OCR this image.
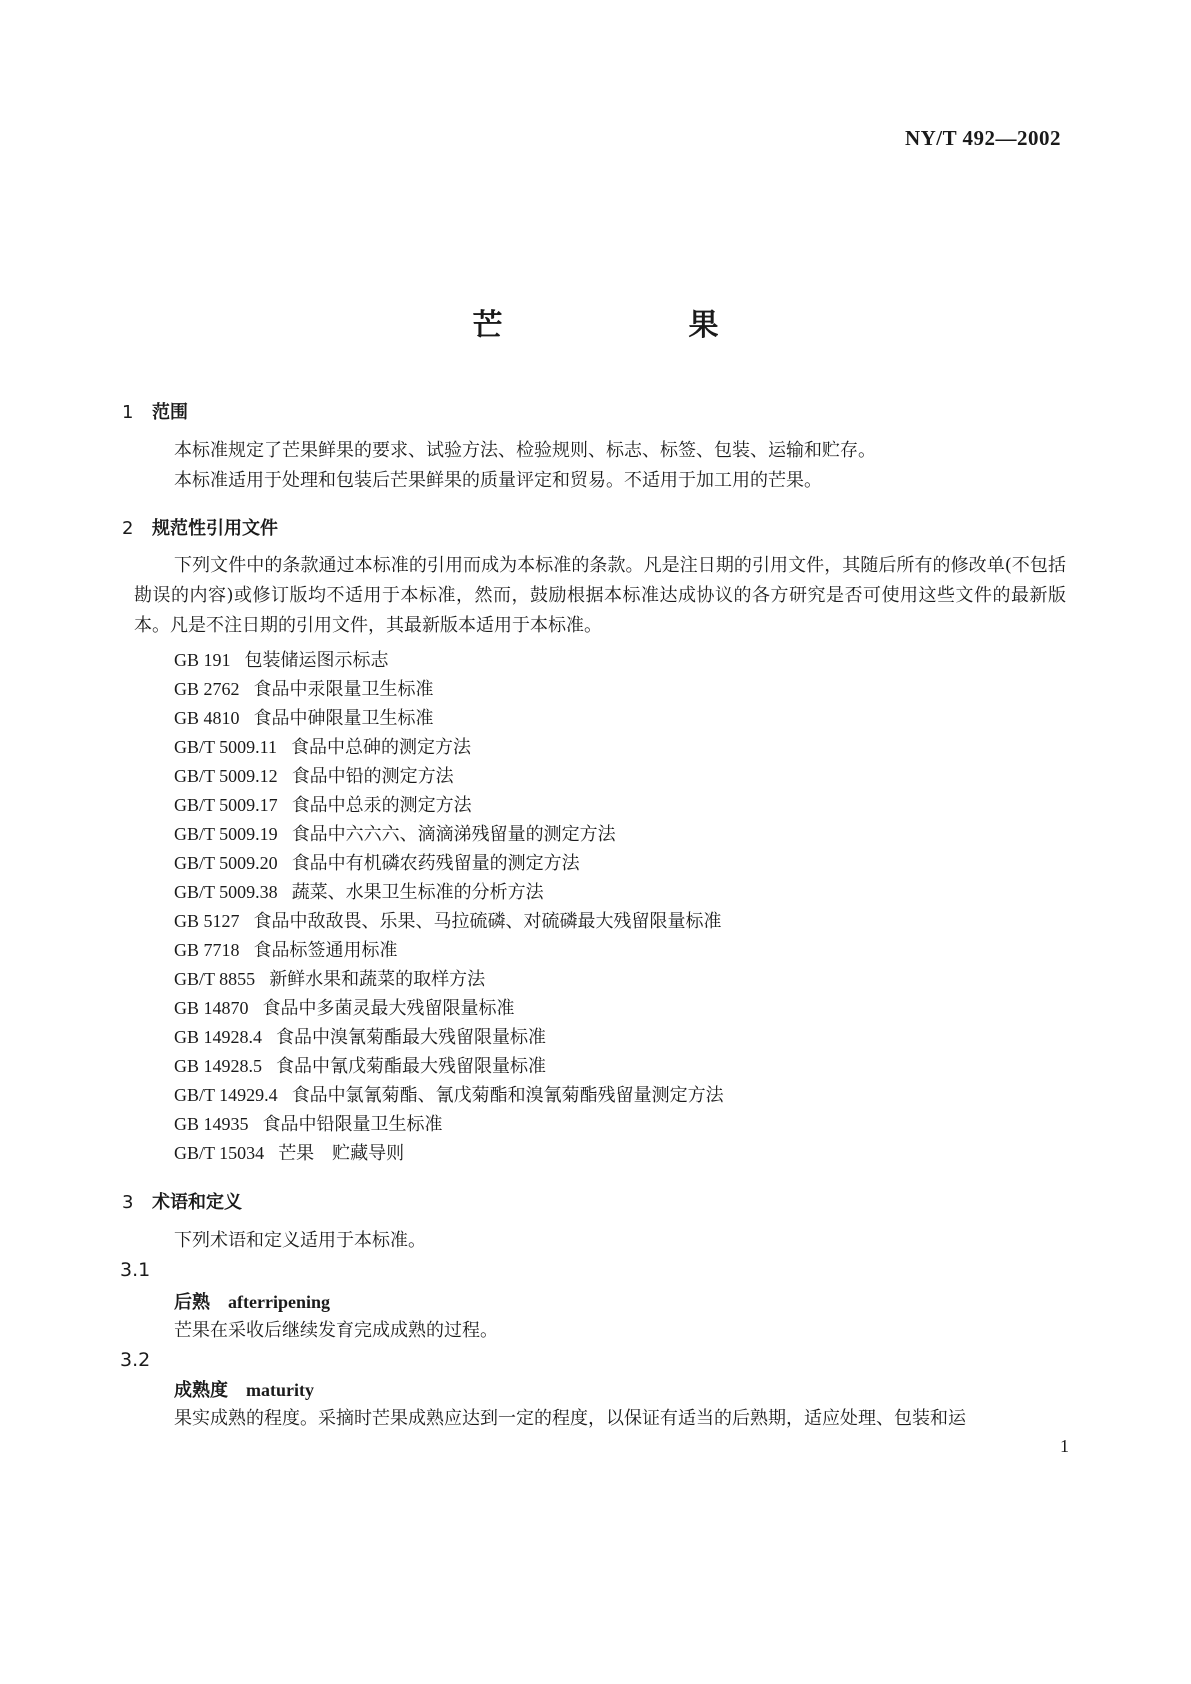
NY/T 492—2002
芒　果
1 范围
本标准规定了芒果鲜果的要求、试验方法、检验规则、标志、标签、包装、运输和贮存。
本标准适用于处理和包装后芒果鲜果的质量评定和贸易。不适用于加工用的芒果。
2 规范性引用文件
下列文件中的条款通过本标准的引用而成为本标准的条款。凡是注日期的引用文件，其随后所有的修改单(不包括勘误的内容)或修订版均不适用于本标准，然而，鼓励根据本标准达成协议的各方研究是否可使用这些文件的最新版本。凡是不注日期的引用文件，其最新版本适用于本标准。
GB 191 包装储运图示标志
GB 2762 食品中汞限量卫生标准
GB 4810 食品中砷限量卫生标准
GB/T 5009.11 食品中总砷的测定方法
GB/T 5009.12 食品中铅的测定方法
GB/T 5009.17 食品中总汞的测定方法
GB/T 5009.19 食品中六六六、滴滴涕残留量的测定方法
GB/T 5009.20 食品中有机磷农药残留量的测定方法
GB/T 5009.38 蔬菜、水果卫生标准的分析方法
GB 5127 食品中敌敌畏、乐果、马拉硫磷、对硫磷最大残留限量标准
GB 7718 食品标签通用标准
GB/T 8855 新鲜水果和蔬菜的取样方法
GB 14870 食品中多菌灵最大残留限量标准
GB 14928.4 食品中溴氰菊酯最大残留限量标准
GB 14928.5 食品中氰戊菊酯最大残留限量标准
GB/T 14929.4 食品中氯氰菊酯、氰戊菊酯和溴氰菊酯残留量测定方法
GB 14935 食品中铅限量卫生标准
GB/T 15034 芒果　贮藏导则
3 术语和定义
下列术语和定义适用于本标准。
3.1
后熟 afterripening
芒果在采收后继续发育完成成熟的过程。
3.2
成熟度 maturity
果实成熟的程度。采摘时芒果成熟应达到一定的程度，以保证有适当的后熟期，适应处理、包装和运
1
